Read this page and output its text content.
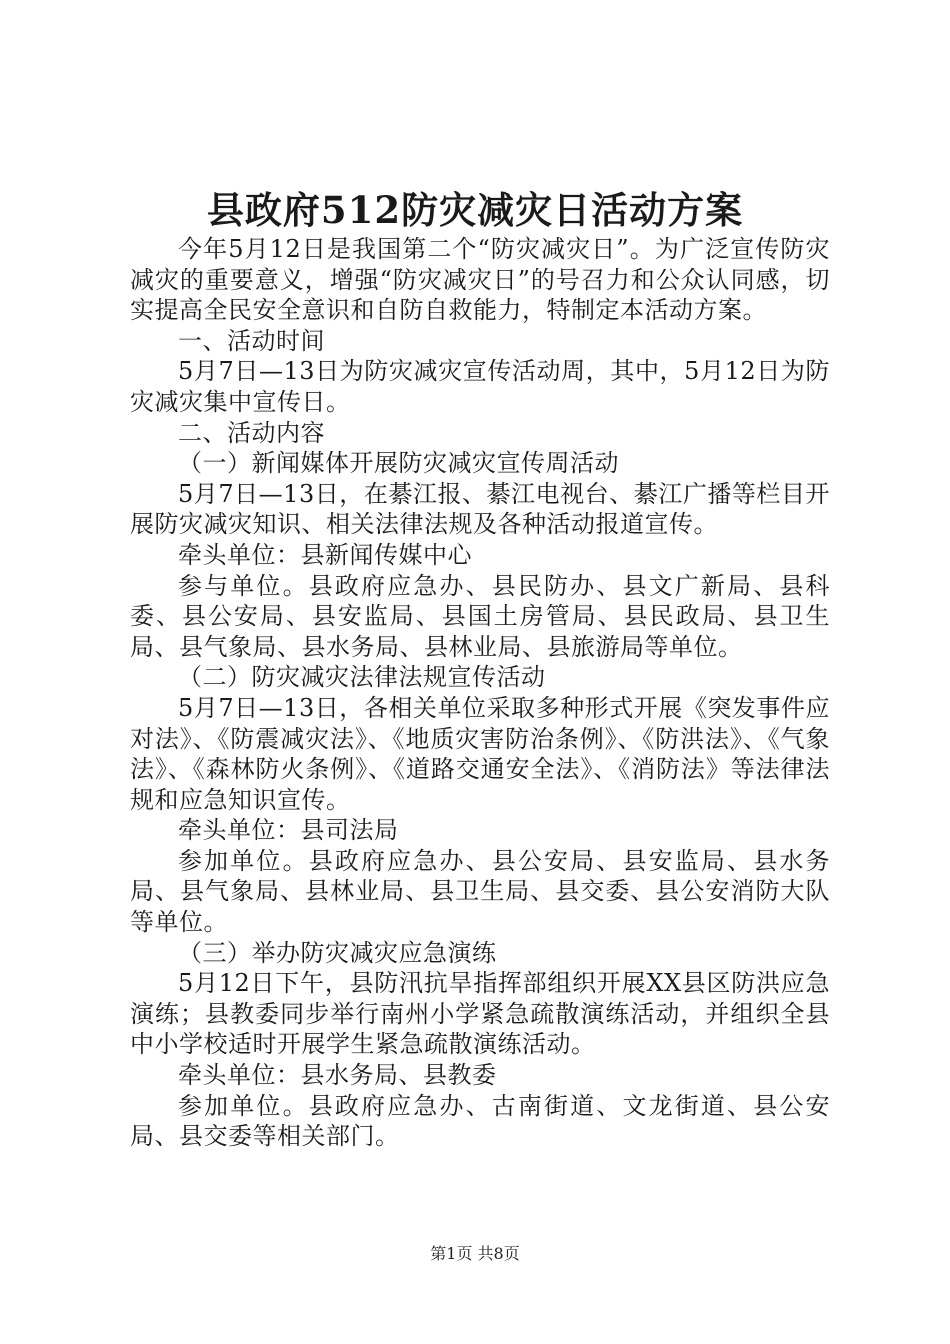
县政府512防灾减灾日活动方案

今年5月12日是我国第二个“防灾减灾日”。为广泛宣传防灾减灾的重要意义，增强“防灾减灾日”的号召力和公众认同感，切实提高全民安全意识和自防自救能力，特制定本活动方案。

一、活动时间

5月7日—13日为防灾减灾宣传活动周，其中，5月12日为防灾减灾集中宣传日。

二、活动内容

（一）新闻媒体开展防灾减灾宣传周活动

5月7日—13日，在綦江报、綦江电视台、綦江广播等栏目开展防灾减灾知识、相关法律法规及各种活动报道宣传。

牵头单位：县新闻传媒中心

参与单位。县政府应急办、县民防办、县文广新局、县科委、县公安局、县安监局、县国土房管局、县民政局、县卫生局、县气象局、县水务局、县林业局、县旅游局等单位。

（二）防灾减灾法律法规宣传活动

5月7日—13日，各相关单位采取多种形式开展《突发事件应对法》、《防震减灾法》、《地质灾害防治条例》、《防洪法》、《气象法》、《森林防火条例》、《道路交通安全法》、《消防法》等法律法规和应急知识宣传。

牵头单位：县司法局

参加单位。县政府应急办、县公安局、县安监局、县水务局、县气象局、县林业局、县卫生局、县交委、县公安消防大队等单位。

（三）举办防灾减灾应急演练

5月12日下午，县防汛抗旱指挥部组织开展XX县区防洪应急演练；县教委同步举行南州小学紧急疏散演练活动，并组织全县中小学校适时开展学生紧急疏散演练活动。

牵头单位：县水务局、县教委

参加单位。县政府应急办、古南街道、文龙街道、县公安局、县交委等相关部门。

第1页 共8页
